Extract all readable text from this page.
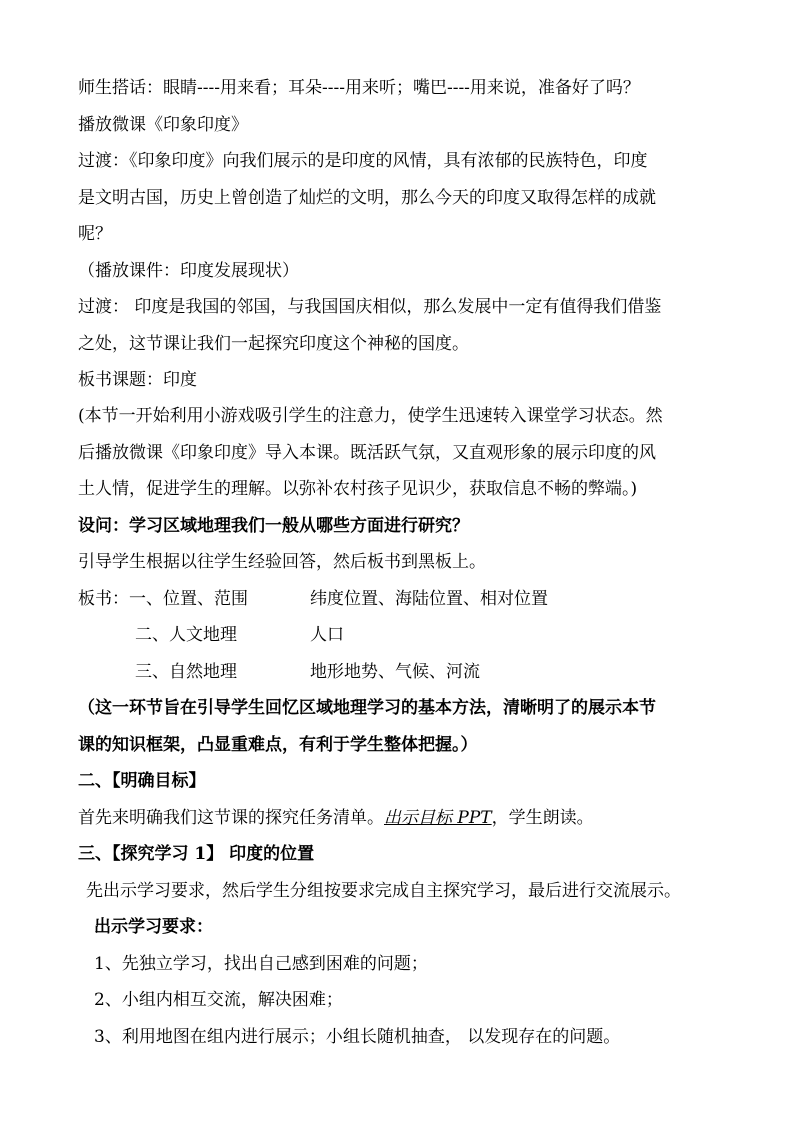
师生搭话：眼睛----用来看；耳朵----用来听；嘴巴----用来说，准备好了吗？
播放微课《印象印度》
过渡：《印象印度》向我们展示的是印度的风情，具有浓郁的民族特色，印度
是文明古国，历史上曾创造了灿烂的文明，那么今天的印度又取得怎样的成就
呢？
（播放课件：印度发展现状）
过渡： 印度是我国的邻国，与我国国庆相似，那么发展中一定有值得我们借鉴
之处，这节课让我们一起探究印度这个神秘的国度。
板书课题：印度
(本节一开始利用小游戏吸引学生的注意力，使学生迅速转入课堂学习状态。然
后播放微课《印象印度》导入本课。既活跃气氛，又直观形象的展示印度的风
土人情，促进学生的理解。以弥补农村孩子见识少，获取信息不畅的弊端。)
设问：学习区域地理我们一般从哪些方面进行研究？
引导学生根据以往学生经验回答，然后板书到黑板上。
板书：一、位置、范围	纬度位置、海陆位置、相对位置
二、人文地理	人口
三、自然地理	地形地势、气候、河流
（这一环节旨在引导学生回忆区域地理学习的基本方法，清晰明了的展示本节
课的知识框架，凸显重难点，有利于学生整体把握。）
二、【明确目标】
首先来明确我们这节课的探究任务清单。出示目标 PPT，学生朗读。
三、【探究学习 1】 印度的位置
先出示学习要求，然后学生分组按要求完成自主探究学习，最后进行交流展示。
出示学习要求：
1、先独立学习，找出自己感到困难的问题；
2、小组内相互交流，解决困难；
3、利用地图在组内进行展示；小组长随机抽查， 以发现存在的问题。
